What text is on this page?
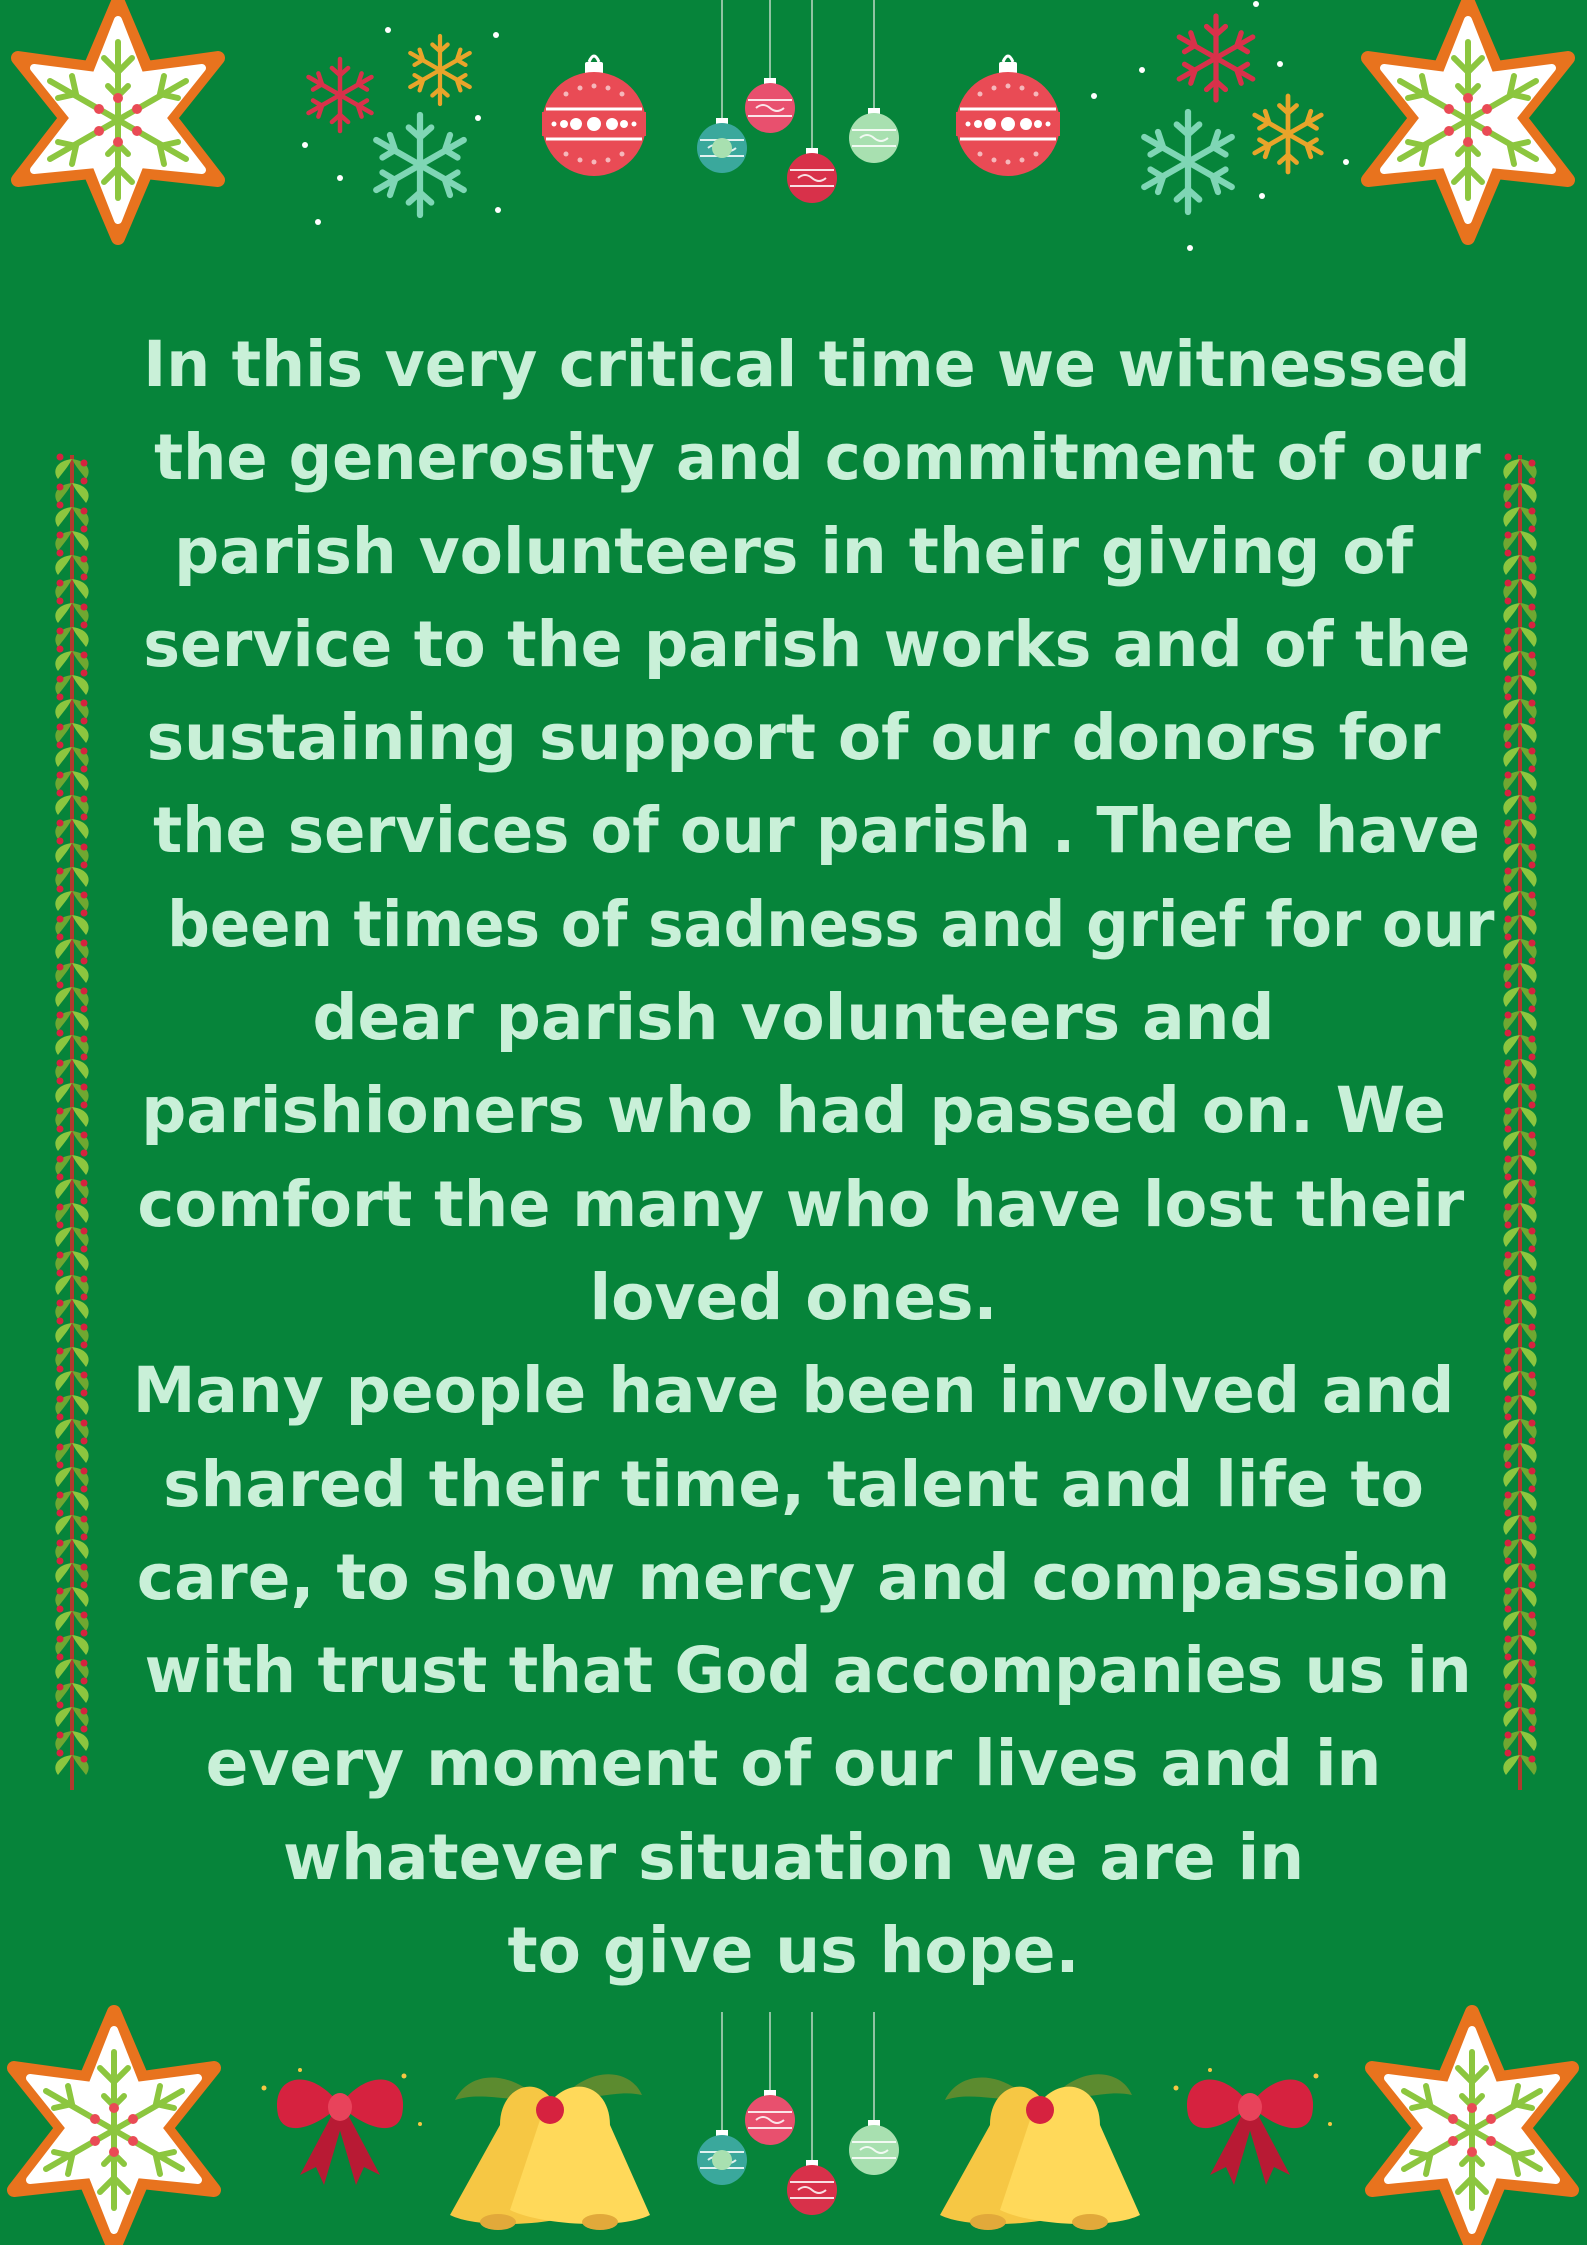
In this very critical time we witnessed
the generosity and commitment of our
parish volunteers in their giving of
service to the parish works and of the
sustaining support of our donors for
the services of our parish . There have
been times of sadness and grief for our
dear parish volunteers and
parishioners who had passed on. We
comfort the many who have lost their
loved ones.
Many people have been involved and
shared their time, talent and life to
care, to show mercy and compassion
with trust that God accompanies us in
every moment of our lives and in
whatever situation we are in
to give us hope.
